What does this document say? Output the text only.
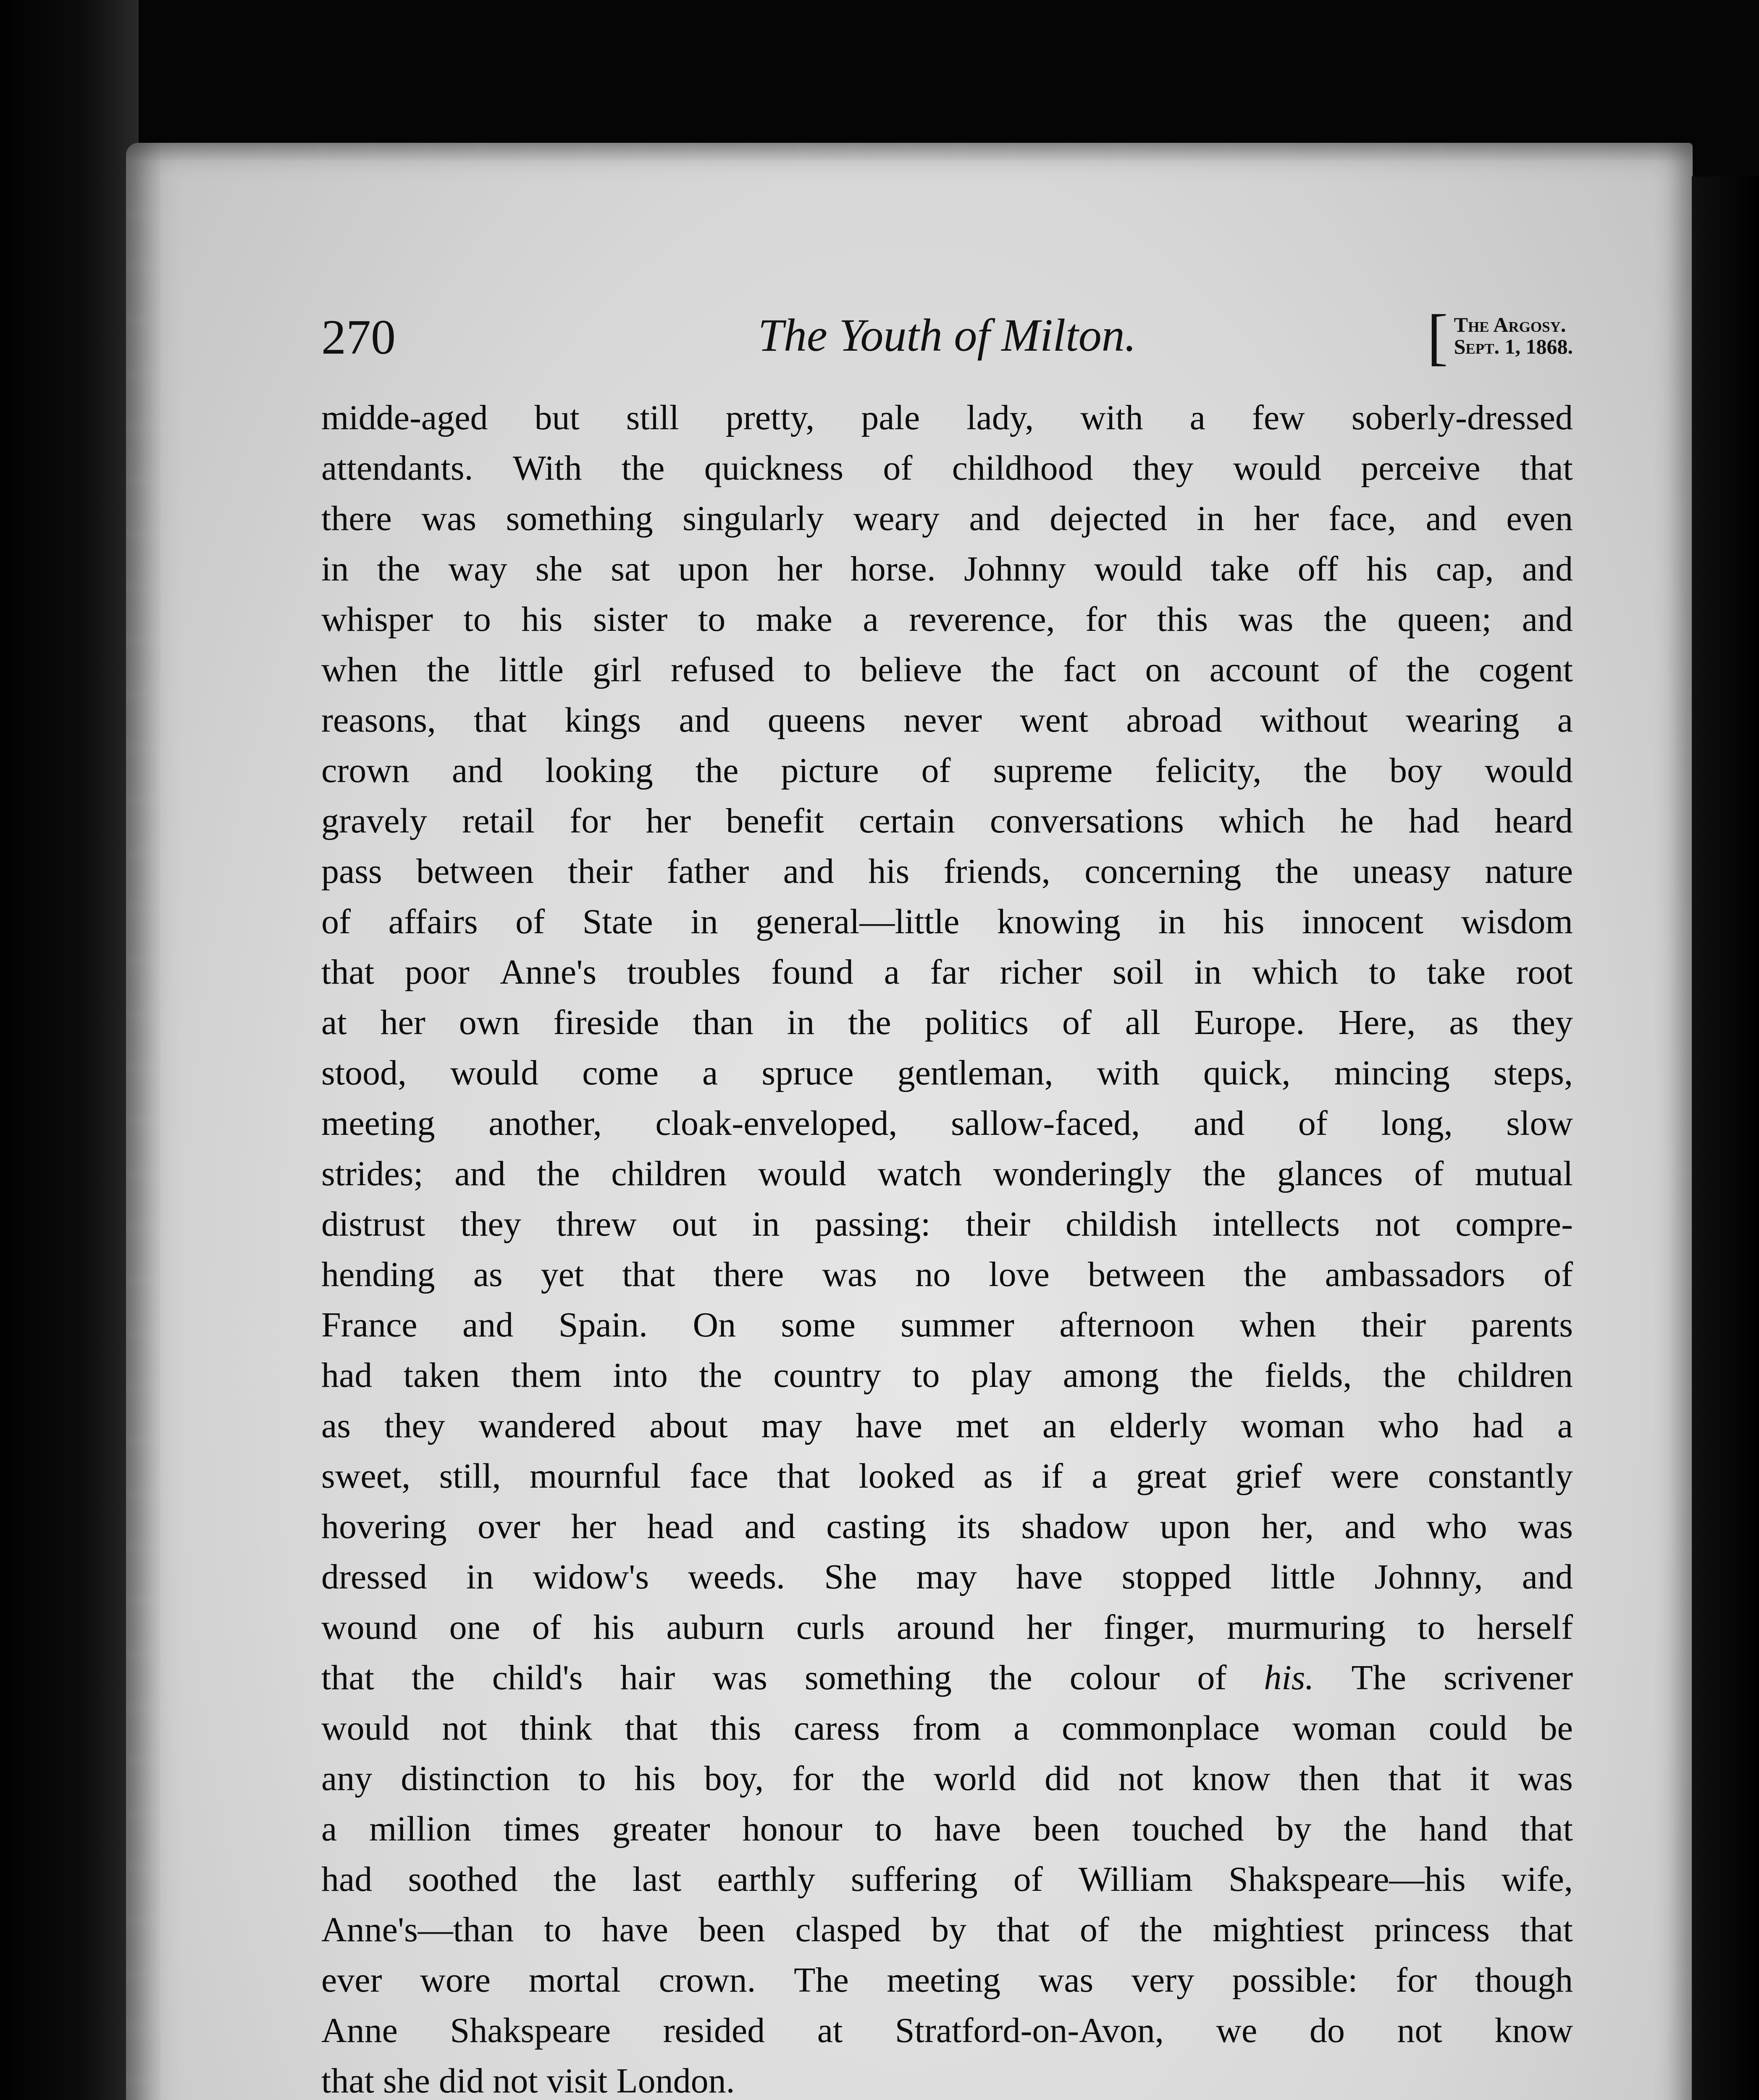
270	The Youth of Milton.	[ The Argosy.
Sept. 1, 1868.
midde-aged but still pretty, pale lady, with a few soberly-dressed
attendants. With the quickness of childhood they would perceive that
there was something singularly weary and dejected in her face, and even
in the way she sat upon her horse. Johnny would take off his cap, and
whisper to his sister to make a reverence, for this was the queen; and
when the little girl refused to believe the fact on account of the cogent
reasons, that kings and queens never went abroad without wearing a
crown and looking the picture of supreme felicity, the boy would
gravely retail for her benefit certain conversations which he had heard
pass between their father and his friends, concerning the uneasy nature
of affairs of State in general—little knowing in his innocent wisdom
that poor Anne's troubles found a far richer soil in which to take root
at her own fireside than in the politics of all Europe. Here, as they
stood, would come a spruce gentleman, with quick, mincing steps,
meeting another, cloak-enveloped, sallow-faced, and of long, slow
strides; and the children would watch wonderingly the glances of mutual
distrust they threw out in passing: their childish intellects not compre-
hending as yet that there was no love between the ambassadors of
France and Spain. On some summer afternoon when their parents
had taken them into the country to play among the fields, the children
as they wandered about may have met an elderly woman who had a
sweet, still, mournful face that looked as if a great grief were constantly
hovering over her head and casting its shadow upon her, and who was
dressed in widow's weeds. She may have stopped little Johnny, and
wound one of his auburn curls around her finger, murmuring to herself
that the child's hair was something the colour of his. The scrivener
would not think that this caress from a commonplace woman could be
any distinction to his boy, for the world did not know then that it was
a million times greater honour to have been touched by the hand that
had soothed the last earthly suffering of William Shakspeare—his wife,
Anne's—than to have been clasped by that of the mightiest princess that
ever wore mortal crown. The meeting was very possible: for though
Anne Shakspeare resided at Stratford-on-Avon, we do not know
that she did not visit London.
